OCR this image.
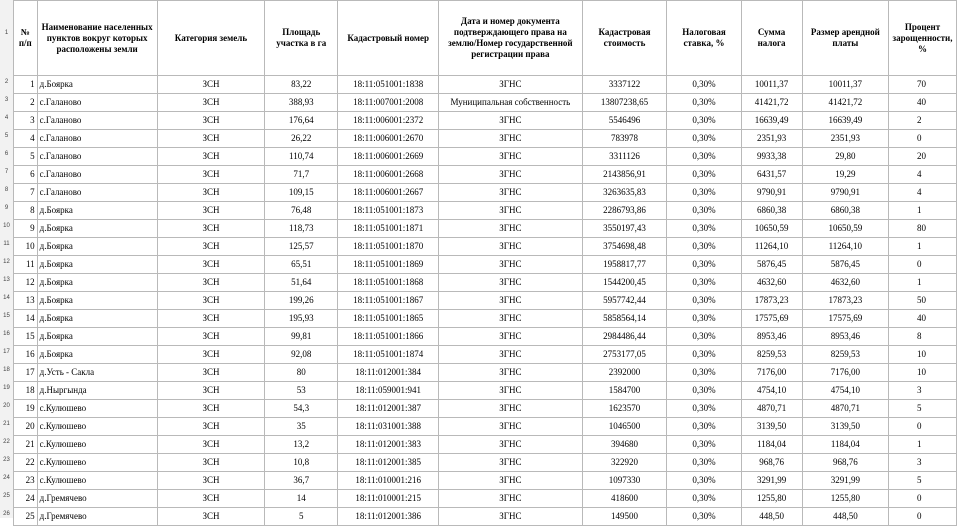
1
2
3
4
5
6
7
8
9
10
11
12
13
14
15
16
17
18
19
20
21
22
23
24
25
26
№ п/п	Наименование населенных пунктов вокруг которых расположены земли	Категория земель	Площадь участка в га	Кадастровый номер	Дата и номер документа подтверждающего права на землю/Номер государственной регистрации права	Кадастровая стоимость	Налоговая ставка, %	Сумма налога	Размер арендной платы	Процент зарощенности, %
1	д.Боярка	ЗСН	83,22	18:11:051001:1838	ЗГНС	3337122	0,30%	10011,37	10011,37	70
2	с.Галаново	ЗСН	388,93	18:11:007001:2008	Муниципальная собственность	13807238,65	0,30%	41421,72	41421,72	40
3	с.Галаново	ЗСН	176,64	18:11:006001:2372	ЗГНС	5546496	0,30%	16639,49	16639,49	2
4	с.Галаново	ЗСН	26,22	18:11:006001:2670	ЗГНС	783978	0,30%	2351,93	2351,93	0
5	с.Галаново	ЗСН	110,74	18:11:006001:2669	ЗГНС	3311126	0,30%	9933,38	29,80	20
6	с.Галаново	ЗСН	71,7	18:11:006001:2668	ЗГНС	2143856,91	0,30%	6431,57	19,29	4
7	с.Галаново	ЗСН	109,15	18:11:006001:2667	ЗГНС	3263635,83	0,30%	9790,91	9790,91	4
8	д.Боярка	ЗСН	76,48	18:11:051001:1873	ЗГНС	2286793,86	0,30%	6860,38	6860,38	1
9	д.Боярка	ЗСН	118,73	18:11:051001:1871	ЗГНС	3550197,43	0,30%	10650,59	10650,59	80
10	д.Боярка	ЗСН	125,57	18:11:051001:1870	ЗГНС	3754698,48	0,30%	11264,10	11264,10	1
11	д.Боярка	ЗСН	65,51	18:11:051001:1869	ЗГНС	1958817,77	0,30%	5876,45	5876,45	0
12	д.Боярка	ЗСН	51,64	18:11:051001:1868	ЗГНС	1544200,45	0,30%	4632,60	4632,60	1
13	д.Боярка	ЗСН	199,26	18:11:051001:1867	ЗГНС	5957742,44	0,30%	17873,23	17873,23	50
14	д.Боярка	ЗСН	195,93	18:11:051001:1865	ЗГНС	5858564,14	0,30%	17575,69	17575,69	40
15	д.Боярка	ЗСН	99,81	18:11:051001:1866	ЗГНС	2984486,44	0,30%	8953,46	8953,46	8
16	д.Боярка	ЗСН	92,08	18:11:051001:1874	ЗГНС	2753177,05	0,30%	8259,53	8259,53	10
17	д.Усть - Сакла	ЗСН	80	18:11:012001:384	ЗГНС	2392000	0,30%	7176,00	7176,00	10
18	д.Ныргында	ЗСН	53	18:11:059001:941	ЗГНС	1584700	0,30%	4754,10	4754,10	3
19	с.Кулюшево	ЗСН	54,3	18:11:012001:387	ЗГНС	1623570	0,30%	4870,71	4870,71	5
20	с.Кулюшево	ЗСН	35	18:11:031001:388	ЗГНС	1046500	0,30%	3139,50	3139,50	0
21	с.Кулюшево	ЗСН	13,2	18:11:012001:383	ЗГНС	394680	0,30%	1184,04	1184,04	1
22	с.Кулюшево	ЗСН	10,8	18:11:012001:385	ЗГНС	322920	0,30%	968,76	968,76	3
23	с.Кулюшево	ЗСН	36,7	18:11:010001:216	ЗГНС	1097330	0,30%	3291,99	3291,99	5
24	д.Гремячево	ЗСН	14	18:11:010001:215	ЗГНС	418600	0,30%	1255,80	1255,80	0
25	д.Гремячево	ЗСН	5	18:11:012001:386	ЗГНС	149500	0,30%	448,50	448,50	0
